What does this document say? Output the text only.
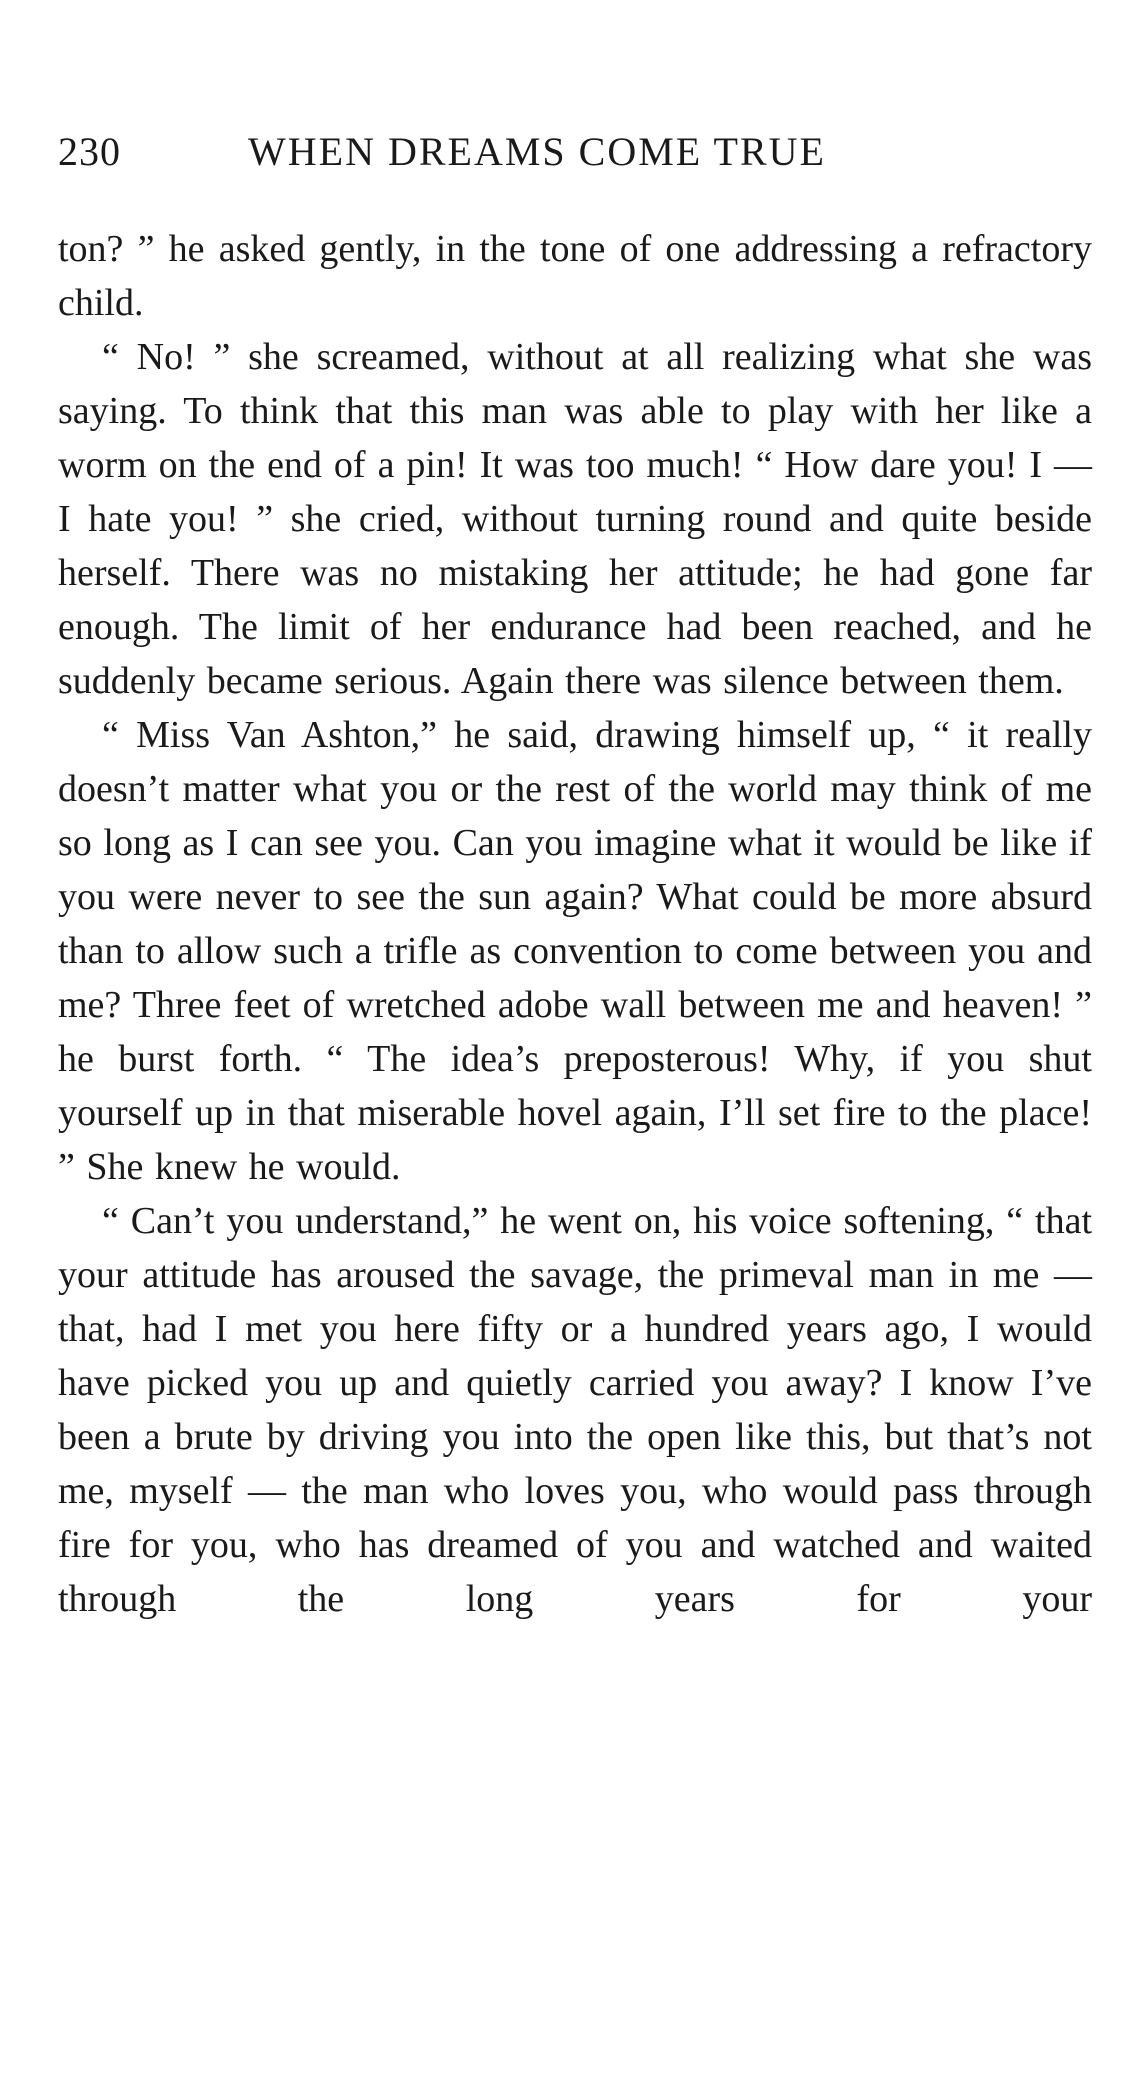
230	WHEN DREAMS COME TRUE

ton? ” he asked gently, in the tone of one addressing a refractory child.

“ No! ” she screamed, without at all realizing what she was saying. To think that this man was able to play with her like a worm on the end of a pin! It was too much! “ How dare you! I — I hate you! ” she cried, without turning round and quite beside herself. There was no mistaking her attitude; he had gone far enough. The limit of her endurance had been reached, and he suddenly became serious. Again there was silence between them.

“ Miss Van Ashton,” he said, drawing himself up, “ it really doesn’t matter what you or the rest of the world may think of me so long as I can see you. Can you imagine what it would be like if you were never to see the sun again? What could be more absurd than to allow such a trifle as convention to come between you and me? Three feet of wretched adobe wall between me and heaven! ” he burst forth. “ The idea’s preposterous! Why, if you shut yourself up in that miserable hovel again, I’ll set fire to the place! ” She knew he would.

“ Can’t you understand,” he went on, his voice softening, “ that your attitude has aroused the savage, the primeval man in me — that, had I met you here fifty or a hundred years ago, I would have picked you up and quietly carried you away? I know I’ve been a brute by driving you into the open like this, but that’s not me, myself — the man who loves you, who would pass through fire for you, who has dreamed of you and watched and waited through the long years for your
